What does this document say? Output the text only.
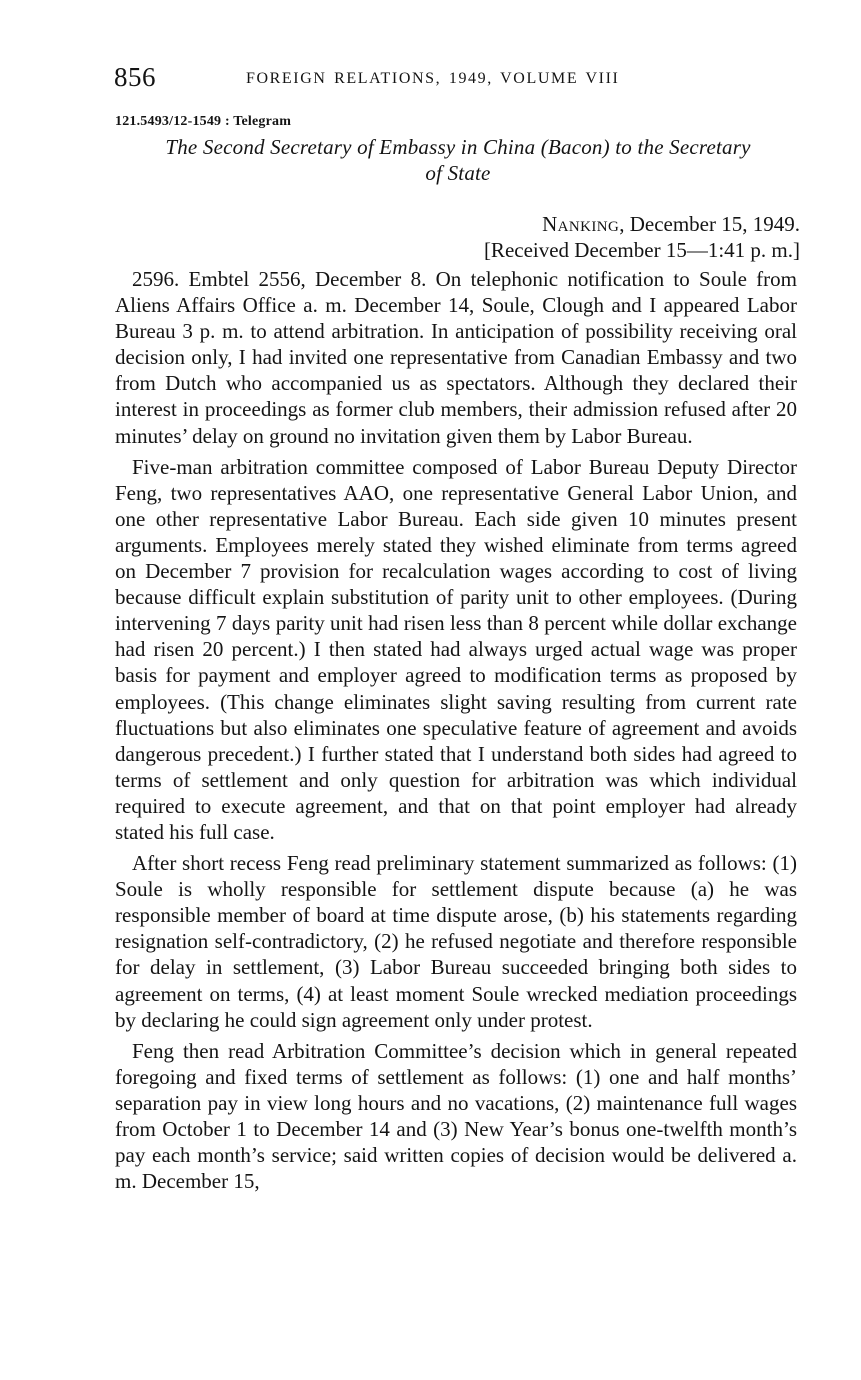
856	FOREIGN RELATIONS, 1949, VOLUME VIII
121.5493/12-1549 : Telegram
The Second Secretary of Embassy in China (Bacon) to the Secretary
of State
Nanking, December 15, 1949.
[Received December 15—1:41 p. m.]

2596. Embtel 2556, December 8. On telephonic notification to Soule from Aliens Affairs Office a. m. December 14, Soule, Clough and I appeared Labor Bureau 3 p. m. to attend arbitration. In anticipation of possibility receiving oral decision only, I had invited one representative from Canadian Embassy and two from Dutch who accompanied us as spectators. Although they declared their interest in proceedings as former club members, their admission refused after 20 minutes’ delay on ground no invitation given them by Labor Bureau.

Five-man arbitration committee composed of Labor Bureau Deputy Director Feng, two representatives AAO, one representative General Labor Union, and one other representative Labor Bureau. Each side given 10 minutes present arguments. Employees merely stated they wished eliminate from terms agreed on December 7 provision for recalculation wages according to cost of living because difficult explain substitution of parity unit to other employees. (During intervening 7 days parity unit had risen less than 8 percent while dollar exchange had risen 20 percent.) I then stated had always urged actual wage was proper basis for payment and employer agreed to modification terms as proposed by employees. (This change eliminates slight saving resulting from current rate fluctuations but also eliminates one speculative feature of agreement and avoids dangerous precedent.) I further stated that I understand both sides had agreed to terms of settlement and only question for arbitration was which individual required to execute agreement, and that on that point employer had already stated his full case.

After short recess Feng read preliminary statement summarized as follows: (1) Soule is wholly responsible for settlement dispute because (a) he was responsible member of board at time dispute arose, (b) his statements regarding resignation self-contradictory, (2) he refused negotiate and therefore responsible for delay in settlement, (3) Labor Bureau succeeded bringing both sides to agreement on terms, (4) at least moment Soule wrecked mediation proceedings by declaring he could sign agreement only under protest.

Feng then read Arbitration Committee’s decision which in general repeated foregoing and fixed terms of settlement as follows: (1) one and half months’ separation pay in view long hours and no vacations, (2) maintenance full wages from October 1 to December 14 and (3) New Year’s bonus one-twelfth month’s pay each month’s service; said written copies of decision would be delivered a. m. December 15,
